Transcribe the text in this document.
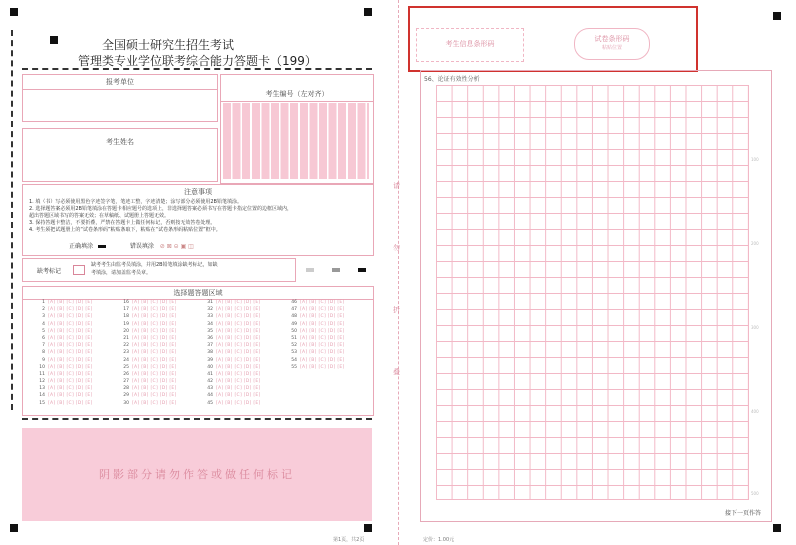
全国硕士研究生招生考试
管理类专业学位联考综合能力答题卡（199）
报考单位
考生姓名
考生编号（左对齐）
注意事项
1. 填（书）写必须使用黑色字迹签字笔，笔迹工整，字迹清楚；涂写部分必须使用2B铅笔填涂。
2. 选择题答案必须用2B铅笔填涂在答题卡相应题号的选项上，非选择题答案必须书写在答题卡指定位置的边框区域内，
超出答题区域书写的答案无效；在草稿纸、试题册上答题无效。
3. 保持答题卡整洁，不要折叠，严禁在答题卡上做任何标记，否则按无效答卷处理。
4. 考生须把试题册上的“试卷条形码”粘贴条取下，粘贴在“试卷条形码粘贴位置”框中。
正确填涂	错误填涂 ⊘ ⊠ ⊝ ▣ ◫
缺考标记
缺考考生由监考员填涂，并用2B铅笔填涂缺考标记，如缺
考填涂，请加盖监考员章。
选择题答题区域
1 [A] [B] [C] [D] [E]
2 [A] [B] [C] [D] [E]
3 [A] [B] [C] [D] [E]
4 [A] [B] [C] [D] [E]
5 [A] [B] [C] [D] [E]
6 [A] [B] [C] [D] [E]
7 [A] [B] [C] [D] [E]
8 [A] [B] [C] [D] [E]
9 [A] [B] [C] [D] [E]
10 [A] [B] [C] [D] [E]
11 [A] [B] [C] [D] [E]
12 [A] [B] [C] [D] [E]
13 [A] [B] [C] [D] [E]
14 [A] [B] [C] [D] [E]
15 [A] [B] [C] [D] [E]
16 [A] [B] [C] [D] [E]
17 [A] [B] [C] [D] [E]
18 [A] [B] [C] [D] [E]
19 [A] [B] [C] [D] [E]
20 [A] [B] [C] [D] [E]
21 [A] [B] [C] [D] [E]
22 [A] [B] [C] [D] [E]
23 [A] [B] [C] [D] [E]
24 [A] [B] [C] [D] [E]
25 [A] [B] [C] [D] [E]
26 [A] [B] [C] [D] [E]
27 [A] [B] [C] [D] [E]
28 [A] [B] [C] [D] [E]
29 [A] [B] [C] [D] [E]
30 [A] [B] [C] [D] [E]
31 [A] [B] [C] [D] [E]
32 [A] [B] [C] [D] [E]
33 [A] [B] [C] [D] [E]
34 [A] [B] [C] [D] [E]
35 [A] [B] [C] [D] [E]
36 [A] [B] [C] [D] [E]
37 [A] [B] [C] [D] [E]
38 [A] [B] [C] [D] [E]
39 [A] [B] [C] [D] [E]
40 [A] [B] [C] [D] [E]
41 [A] [B] [C] [D] [E]
42 [A] [B] [C] [D] [E]
43 [A] [B] [C] [D] [E]
44 [A] [B] [C] [D] [E]
45 [A] [B] [C] [D] [E]
46 [A] [B] [C] [D] [E]
47 [A] [B] [C] [D] [E]
48 [A] [B] [C] [D] [E]
49 [A] [B] [C] [D] [E]
50 [A] [B] [C] [D] [E]
51 [A] [B] [C] [D] [E]
52 [A] [B] [C] [D] [E]
53 [A] [B] [C] [D] [E]
54 [A] [B] [C] [D] [E]
55 [A] [B] [C] [D] [E]
阴影部分请勿作答或做任何标记
第1页，共2页
请
勿
折
叠
考生信息条形码
试卷条形码
粘贴位置
56、论证有效性分析
100
200
300
400
500
接下一页作答
定价：1.00元
